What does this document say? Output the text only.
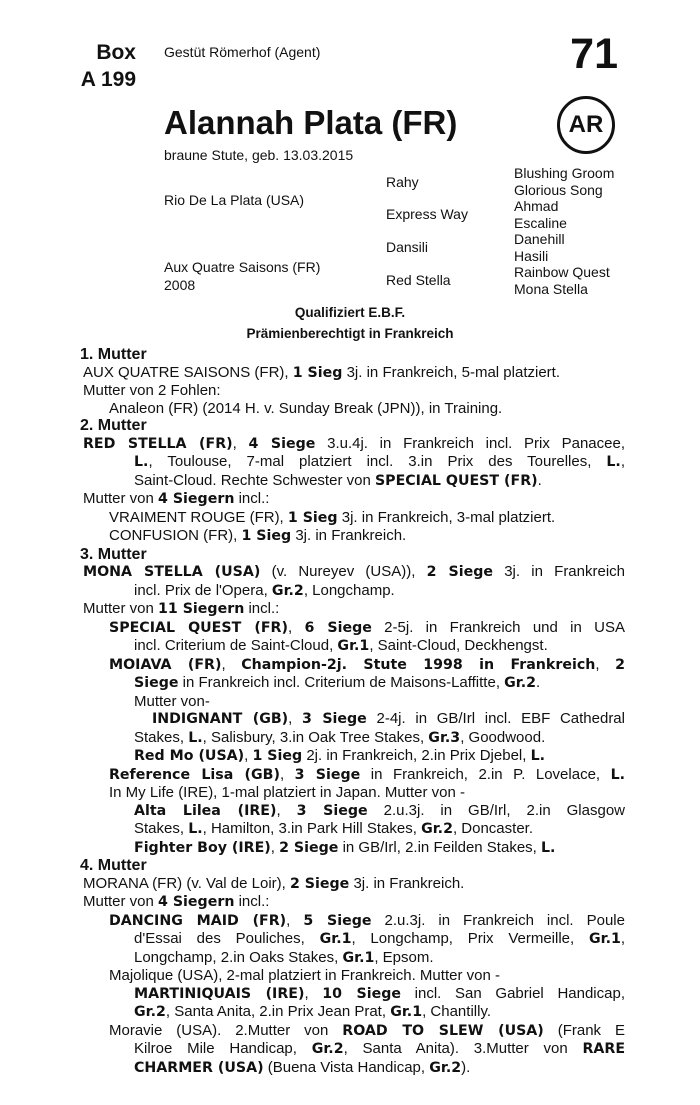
Box
A 199
Gestüt Römerhof (Agent)	71
AR
Alannah Plata (FR)
braune Stute, geb. 13.03.2015
Rio De La Plata (USA)
Aux Quatre Saisons (FR)
2008
Rahy
Express Way
Dansili
Red Stella
Blushing Groom
Glorious Song
Ahmad
Escaline
Danehill
Hasili
Rainbow Quest
Mona Stella
Qualifiziert E.B.F.
Prämienberechtigt in Frankreich
1. Mutter
AUX QUATRE SAISONS (FR), 1 Sieg 3j. in Frankreich, 5-mal platziert.
Mutter von 2 Fohlen:
Analeon (FR) (2014 H. v. Sunday Break (JPN)), in Training.
2. Mutter
RED STELLA (FR), 4 Siege 3.u.4j. in Frankreich incl. Prix Panacee,
L., Toulouse, 7-mal platziert incl. 3.in Prix des Tourelles, L.,
Saint-Cloud. Rechte Schwester von SPECIAL QUEST (FR).
Mutter von 4 Siegern incl.:
VRAIMENT ROUGE (FR), 1 Sieg 3j. in Frankreich, 3-mal platziert.
CONFUSION (FR), 1 Sieg 3j. in Frankreich.
3. Mutter
MONA STELLA (USA) (v. Nureyev (USA)), 2 Siege 3j. in Frankreich
incl. Prix de l'Opera, Gr.2, Longchamp.
Mutter von 11 Siegern incl.:
SPECIAL QUEST (FR), 6 Siege 2-5j. in Frankreich und in USA
incl. Criterium de Saint-Cloud, Gr.1, Saint-Cloud, Deckhengst.
MOIAVA (FR), Champion-2j. Stute 1998 in Frankreich, 2
Siege in Frankreich incl. Criterium de Maisons-Laffitte, Gr.2.
Mutter von-
INDIGNANT (GB), 3 Siege 2-4j. in GB/Irl incl. EBF Cathedral
Stakes, L., Salisbury, 3.in Oak Tree Stakes, Gr.3, Goodwood.
Red Mo (USA), 1 Sieg 2j. in Frankreich, 2.in Prix Djebel, L.
Reference Lisa (GB), 3 Siege in Frankreich, 2.in P. Lovelace, L.
In My Life (IRE), 1-mal platziert in Japan. Mutter von -
Alta Lilea (IRE), 3 Siege 2.u.3j. in GB/Irl, 2.in Glasgow
Stakes, L., Hamilton, 3.in Park Hill Stakes, Gr.2, Doncaster.
Fighter Boy (IRE), 2 Siege in GB/Irl, 2.in Feilden Stakes, L.
4. Mutter
MORANA (FR) (v. Val de Loir), 2 Siege 3j. in Frankreich.
Mutter von 4 Siegern incl.:
DANCING MAID (FR), 5 Siege 2.u.3j. in Frankreich incl. Poule
d'Essai des Pouliches, Gr.1, Longchamp, Prix Vermeille, Gr.1,
Longchamp, 2.in Oaks Stakes, Gr.1, Epsom.
Majolique (USA), 2-mal platziert in Frankreich. Mutter von -
MARTINIQUAIS (IRE), 10 Siege incl. San Gabriel Handicap,
Gr.2, Santa Anita, 2.in Prix Jean Prat, Gr.1, Chantilly.
Moravie (USA). 2.Mutter von ROAD TO SLEW (USA) (Frank E
Kilroe Mile Handicap, Gr.2, Santa Anita). 3.Mutter von RARE
CHARMER (USA) (Buena Vista Handicap, Gr.2).
